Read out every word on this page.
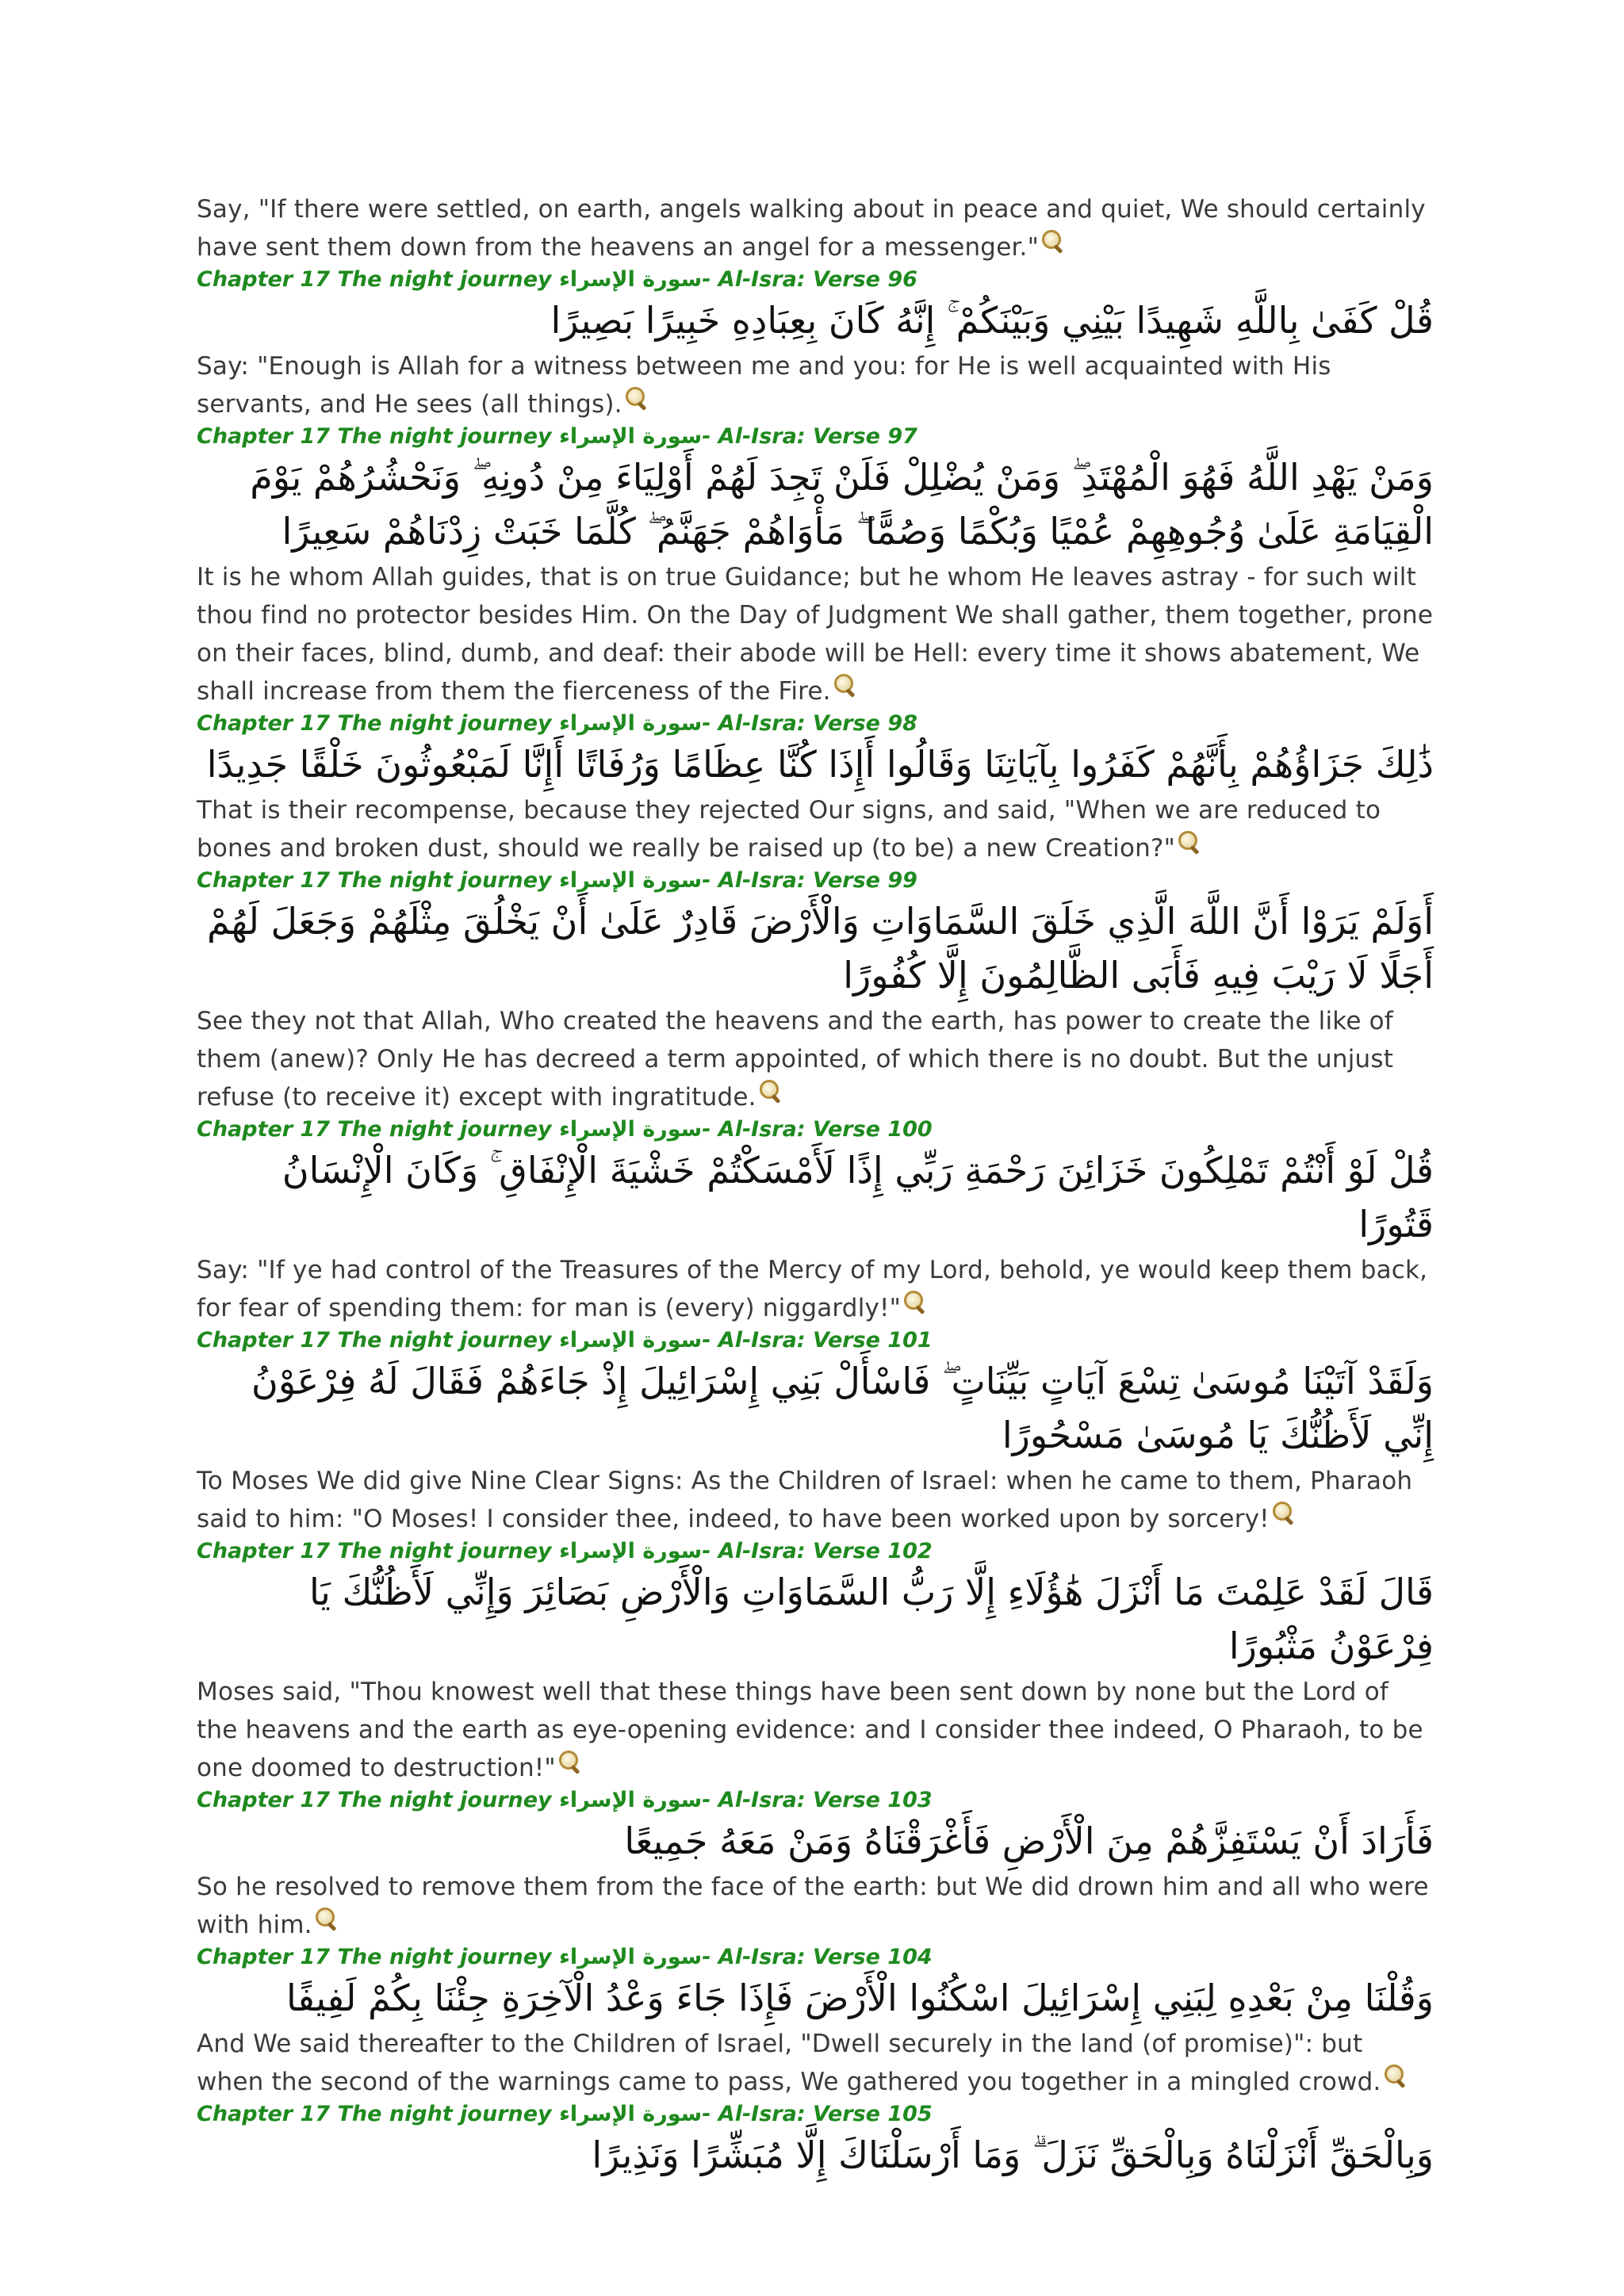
Say, "If there were settled, on earth, angels walking about in peace and quiet, We should certainly have sent them down from the heavens an angel for a messenger."
Chapter 17 The night journey سورة الإسراء- Al-Isra: Verse 96
قُلْ كَفَىٰ بِاللَّهِ شَهِيدًا بَيْنِي وَبَيْنَكُمْ ۚ إِنَّهُ كَانَ بِعِبَادِهِ خَبِيرًا بَصِيرًا
Say: "Enough is Allah for a witness between me and you: for He is well acquainted with His servants, and He sees (all things).
Chapter 17 The night journey سورة الإسراء- Al-Isra: Verse 97
وَمَنْ يَهْدِ اللَّهُ فَهُوَ الْمُهْتَدِ ۖ وَمَنْ يُضْلِلْ فَلَنْ تَجِدَ لَهُمْ أَوْلِيَاءَ مِنْ دُونِهِ ۖ وَنَحْشُرُهُمْ يَوْمَ الْقِيَامَةِ عَلَىٰ وُجُوهِهِمْ عُمْيًا وَبُكْمًا وَصُمًّا ۖ مَأْوَاهُمْ جَهَنَّمُ ۖ كُلَّمَا خَبَتْ زِدْنَاهُمْ سَعِيرًا
It is he whom Allah guides, that is on true Guidance; but he whom He leaves astray - for such wilt thou find no protector besides Him. On the Day of Judgment We shall gather, them together, prone on their faces, blind, dumb, and deaf: their abode will be Hell: every time it shows abatement, We shall increase from them the fierceness of the Fire.
Chapter 17 The night journey سورة الإسراء- Al-Isra: Verse 98
ذَٰلِكَ جَزَاؤُهُمْ بِأَنَّهُمْ كَفَرُوا بِآيَاتِنَا وَقَالُوا أَإِذَا كُنَّا عِظَامًا وَرُفَاتًا أَإِنَّا لَمَبْعُوثُونَ خَلْقًا جَدِيدًا
That is their recompense, because they rejected Our signs, and said, "When we are reduced to bones and broken dust, should we really be raised up (to be) a new Creation?"
Chapter 17 The night journey سورة الإسراء- Al-Isra: Verse 99
أَوَلَمْ يَرَوْا أَنَّ اللَّهَ الَّذِي خَلَقَ السَّمَاوَاتِ وَالْأَرْضَ قَادِرٌ عَلَىٰ أَنْ يَخْلُقَ مِثْلَهُمْ وَجَعَلَ لَهُمْ أَجَلًا لَا رَيْبَ فِيهِ فَأَبَى الظَّالِمُونَ إِلَّا كُفُورًا
See they not that Allah, Who created the heavens and the earth, has power to create the like of them (anew)? Only He has decreed a term appointed, of which there is no doubt. But the unjust refuse (to receive it) except with ingratitude.
Chapter 17 The night journey سورة الإسراء- Al-Isra: Verse 100
قُلْ لَوْ أَنْتُمْ تَمْلِكُونَ خَزَائِنَ رَحْمَةِ رَبِّي إِذًا لَأَمْسَكْتُمْ خَشْيَةَ الْإِنْفَاقِ ۚ وَكَانَ الْإِنْسَانُ قَتُورًا
Say: "If ye had control of the Treasures of the Mercy of my Lord, behold, ye would keep them back, for fear of spending them: for man is (every) niggardly!"
Chapter 17 The night journey سورة الإسراء- Al-Isra: Verse 101
وَلَقَدْ آتَيْنَا مُوسَىٰ تِسْعَ آيَاتٍ بَيِّنَاتٍ ۖ فَاسْأَلْ بَنِي إِسْرَائِيلَ إِذْ جَاءَهُمْ فَقَالَ لَهُ فِرْعَوْنُ إِنِّي لَأَظُنُّكَ يَا مُوسَىٰ مَسْحُورًا
To Moses We did give Nine Clear Signs: As the Children of Israel: when he came to them, Pharaoh said to him: "O Moses! I consider thee, indeed, to have been worked upon by sorcery!
Chapter 17 The night journey سورة الإسراء- Al-Isra: Verse 102
قَالَ لَقَدْ عَلِمْتَ مَا أَنْزَلَ هَٰؤُلَاءِ إِلَّا رَبُّ السَّمَاوَاتِ وَالْأَرْضِ بَصَائِرَ وَإِنِّي لَأَظُنُّكَ يَا فِرْعَوْنُ مَثْبُورًا
Moses said, "Thou knowest well that these things have been sent down by none but the Lord of the heavens and the earth as eye-opening evidence: and I consider thee indeed, O Pharaoh, to be one doomed to destruction!"
Chapter 17 The night journey سورة الإسراء- Al-Isra: Verse 103
فَأَرَادَ أَنْ يَسْتَفِزَّهُمْ مِنَ الْأَرْضِ فَأَغْرَقْنَاهُ وَمَنْ مَعَهُ جَمِيعًا
So he resolved to remove them from the face of the earth: but We did drown him and all who were with him.
Chapter 17 The night journey سورة الإسراء- Al-Isra: Verse 104
وَقُلْنَا مِنْ بَعْدِهِ لِبَنِي إِسْرَائِيلَ اسْكُنُوا الْأَرْضَ فَإِذَا جَاءَ وَعْدُ الْآخِرَةِ جِئْنَا بِكُمْ لَفِيفًا
And We said thereafter to the Children of Israel, "Dwell securely in the land (of promise)": but when the second of the warnings came to pass, We gathered you together in a mingled crowd.
Chapter 17 The night journey سورة الإسراء- Al-Isra: Verse 105
وَبِالْحَقِّ أَنْزَلْنَاهُ وَبِالْحَقِّ نَزَلَ ۗ وَمَا أَرْسَلْنَاكَ إِلَّا مُبَشِّرًا وَنَذِيرًا
